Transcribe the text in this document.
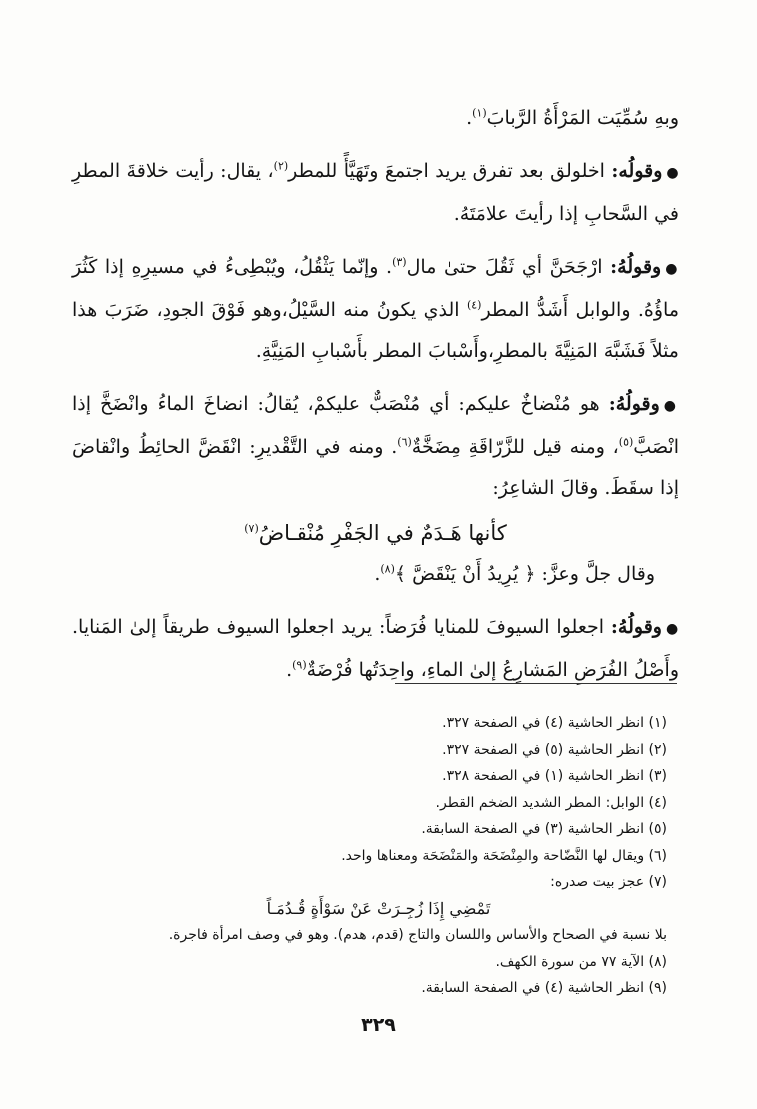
وبهِ سُمِّيَت المَرْأَةُ الرَّبابَ$^{(١)}$.

●وقولُه: اخلولق بعد تفرق يريد اجتمعَ وتَهَيَّأً للمطر$^{(٢)}$، يقال: رأيت خلاقةَ المطرِ في السَّحابِ إذا رأيتَ علامَتَهُ.

●وقولُهُ: ارْجَحَنَّ أي ثَقُلَ حتىٰ مال$^{(٣)}$. وإنّما يَثْقُلُ، ويُبْطِىءُ في مسيرِهِ إذا كَثُرَ ماؤُهُ. والوابل أَشَدُّ المطر$^{(٤)}$ الذي يكونُ منه السَّيْلُ،وهو فَوْقَ الجودِ، ضَرَبَ هذا مثلاً فَشَبَّهَ المَنِيَّةَ بالمطرِ،وأَسْبابَ المطر بأَسْبابِ المَنِيَّةِ.

●وقولُهُ: هو مُنْضاخٌ عليكم: أي مُنْصَبٌّ عليكمْ، يُقالُ: انضاخَ الماءُ وانْضَخَّ إذا انْصَبَّ$^{(٥)}$، ومنه قيل للزَّرّاقَةِ مِضَخَّةٌ$^{(٦)}$. ومنه في التَّقْديرِ: انْقَضَّ الحائِطُ وانْقاضَ إذا سقَطَ. وقالَ الشاعِرُ:

كأنها هَـدَمٌ في الجَفْرِ مُنْقـاضُ$^{(٧)}$

وقال جلَّ وعزَّ: ﴿ يُرِيدُ أَنْ يَنْقَضَّ ﴾$^{(٨)}$.

●وقولُهُ: اجعلوا السيوفَ للمنايا فُرَضاً: يريد اجعلوا السيوف طريقاً إلىٰ المَنايا. وأَصْلُ الفُرَضِ المَشارِعُ إلىٰ الماءِ، واحِدَتُها فُرْضَةٌ$^{(٩)}$.

(١) انظر الحاشية (٤) في الصفحة ٣٢٧.
(٢) انظر الحاشية (٥) في الصفحة ٣٢٧.
(٣) انظر الحاشية (١) في الصفحة ٣٢٨.
(٤) الوابل: المطر الشديد الضخم القطر.
(٥) انظر الحاشية (٣) في الصفحة السابقة.
(٦) ويقال لها النَّضّاحة والمِنْضَحَة والمَنْضَحَة ومعناها واحد.
(٧) عجز بيت صدره:
تَمْضِي إِذَا زُجِـرَتْ عَنْ سَوْأَةٍ قُـدُمَـاً
بلا نسبة في الصحاح والأساس واللسان والتاج (قدم، هدم). وهو في وصف امرأة فاجرة.
(٨) الآية ٧٧ من سورة الكهف.
(٩) انظر الحاشية (٤) في الصفحة السابقة.
٣٢٩
